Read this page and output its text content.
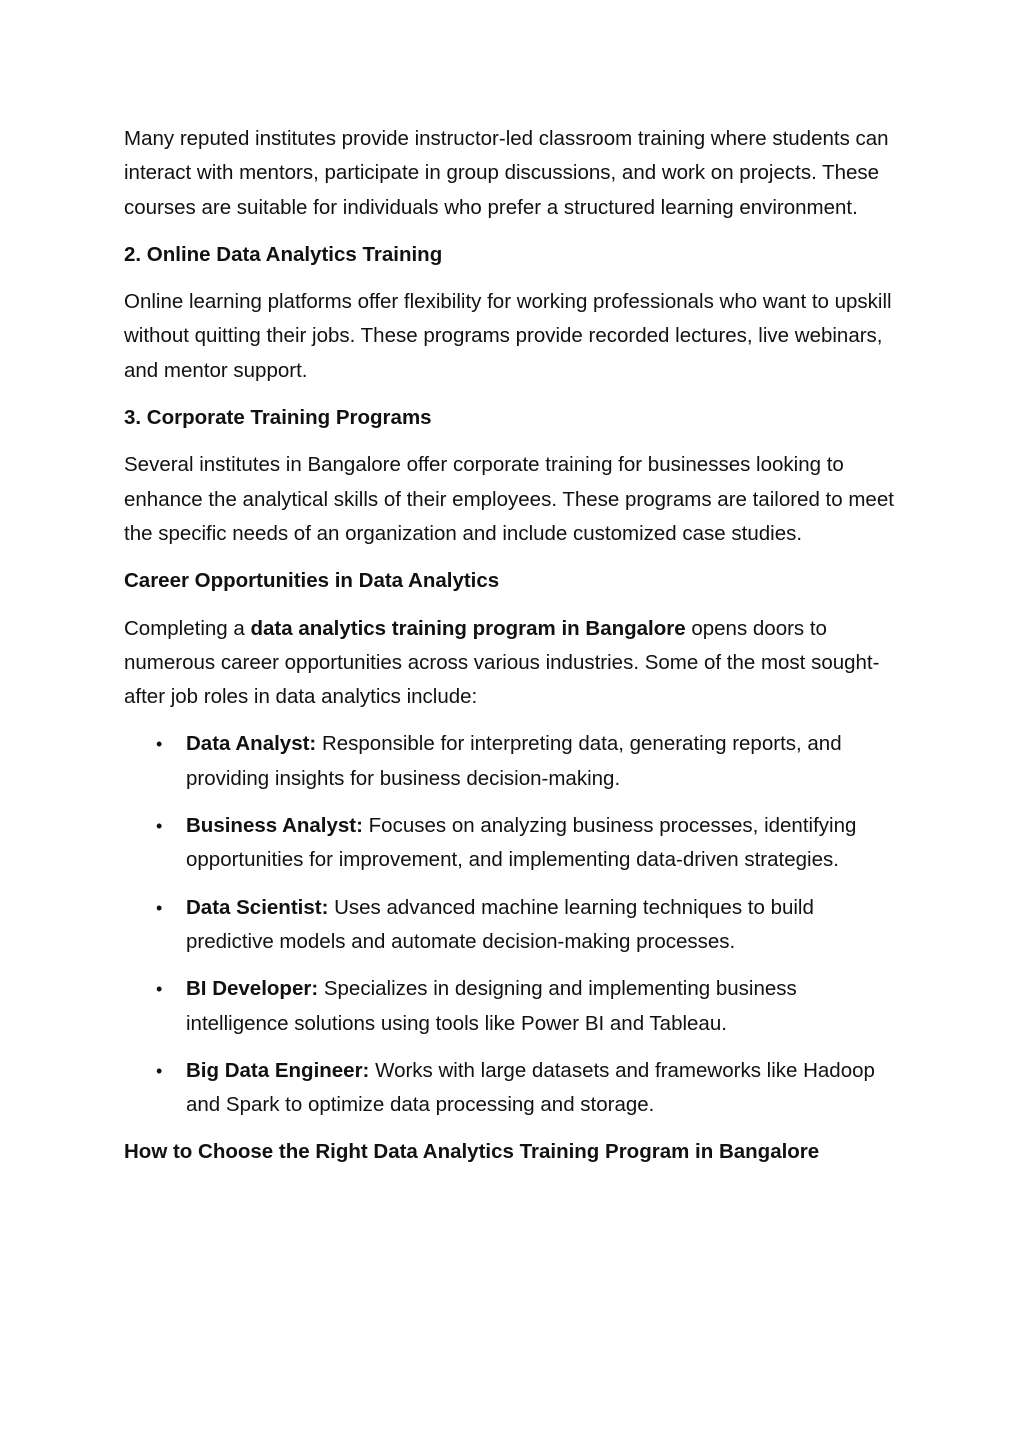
Many reputed institutes provide instructor-led classroom training where students can interact with mentors, participate in group discussions, and work on projects. These courses are suitable for individuals who prefer a structured learning environment.

2. Online Data Analytics Training

Online learning platforms offer flexibility for working professionals who want to upskill without quitting their jobs. These programs provide recorded lectures, live webinars, and mentor support.

3. Corporate Training Programs

Several institutes in Bangalore offer corporate training for businesses looking to enhance the analytical skills of their employees. These programs are tailored to meet the specific needs of an organization and include customized case studies.

Career Opportunities in Data Analytics

Completing a data analytics training program in Bangalore opens doors to numerous career opportunities across various industries. Some of the most sought-after job roles in data analytics include:

• Data Analyst: Responsible for interpreting data, generating reports, and providing insights for business decision-making.
• Business Analyst: Focuses on analyzing business processes, identifying opportunities for improvement, and implementing data-driven strategies.
• Data Scientist: Uses advanced machine learning techniques to build predictive models and automate decision-making processes.
• BI Developer: Specializes in designing and implementing business intelligence solutions using tools like Power BI and Tableau.
• Big Data Engineer: Works with large datasets and frameworks like Hadoop and Spark to optimize data processing and storage.

How to Choose the Right Data Analytics Training Program in Bangalore
